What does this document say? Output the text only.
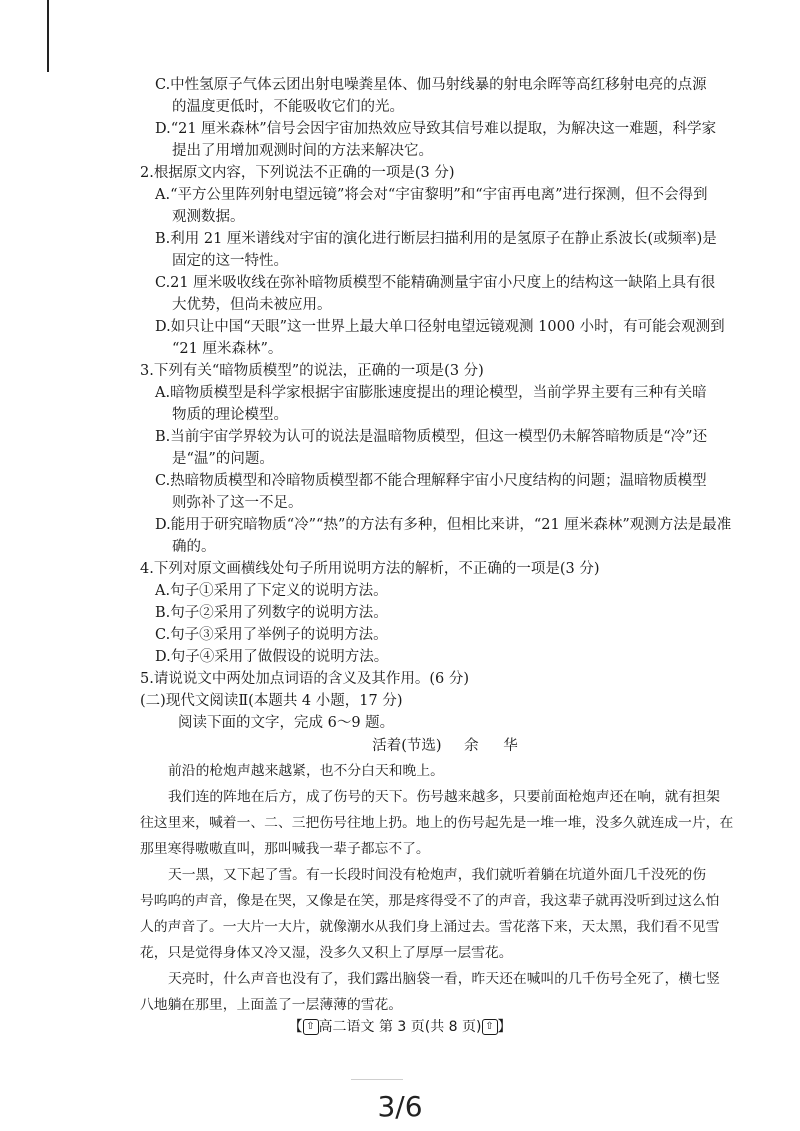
C.中性氢原子气体云团出射电噪粪星体、伽马射线暴的射电余晖等高红移射电亮的点源
的温度更低时，不能吸收它们的光。
D.“21 厘米森林”信号会因宇宙加热效应导致其信号难以提取，为解决这一难题，科学家
提出了用增加观测时间的方法来解决它。
2.根据原文内容，下列说法不正确的一项是(3 分)
A.“平方公里阵列射电望远镜”将会对“宇宙黎明”和“宇宙再电离”进行探测，但不会得到
观测数据。
B.利用 21 厘米谱线对宇宙的演化进行断层扫描利用的是氢原子在静止系波长(或频率)是
固定的这一特性。
C.21 厘米吸收线在弥补暗物质模型不能精确测量宇宙小尺度上的结构这一缺陷上具有很
大优势，但尚未被应用。
D.如只让中国“天眼”这一世界上最大单口径射电望远镜观测 1000 小时，有可能会观测到
“21 厘米森林”。
3.下列有关“暗物质模型”的说法，正确的一项是(3 分)
A.暗物质模型是科学家根据宇宙膨胀速度提出的理论模型，当前学界主要有三种有关暗
物质的理论模型。
B.当前宇宙学界较为认可的说法是温暗物质模型，但这一模型仍未解答暗物质是“冷”还
是“温”的问题。
C.热暗物质模型和冷暗物质模型都不能合理解释宇宙小尺度结构的问题；温暗物质模型
则弥补了这一不足。
D.能用于研究暗物质“冷”“热”的方法有多种，但相比来讲，“21 厘米森林”观测方法是最准
确的。
4.下列对原文画横线处句子所用说明方法的解析，不正确的一项是(3 分)
A.句子①采用了下定义的说明方法。
B.句子②采用了列数字的说明方法。
C.句子③采用了举例子的说明方法。
D.句子④采用了做假设的说明方法。
5.请说说文中两处加点词语的含义及其作用。(6 分)
(二)现代文阅读Ⅱ(本题共 4 小题，17 分)
阅读下面的文字，完成 6～9 题。
活着(节选) 余 华
前沿的枪炮声越来越紧，也不分白天和晚上。
我们连的阵地在后方，成了伤号的天下。伤号越来越多，只要前面枪炮声还在响，就有担架
往这里来，喊着一、二、三把伤号往地上扔。地上的伤号起先是一堆一堆，没多久就连成一片，在
那里寒得嗷嗷直叫，那叫喊我一辈子都忘不了。
天一黑，又下起了雪。有一长段时间没有枪炮声，我们就听着躺在坑道外面几千没死的伤
号呜呜的声音，像是在哭，又像是在笑，那是疼得受不了的声音，我这辈子就再没听到过这么怕
人的声音了。一大片一大片，就像潮水从我们身上涌过去。雪花落下来，天太黑，我们看不见雪
花，只是觉得身体又冷又湿，没多久又积上了厚厚一层雪花。
天亮时，什么声音也没有了，我们露出脑袋一看，昨天还在喊叫的几千伤号全死了，横七竖
八地躺在那里，上面盖了一层薄薄的雪花。
【 ⇧ 高二语文 第 3 页(共 8 页) ⇧ 】
3/6
